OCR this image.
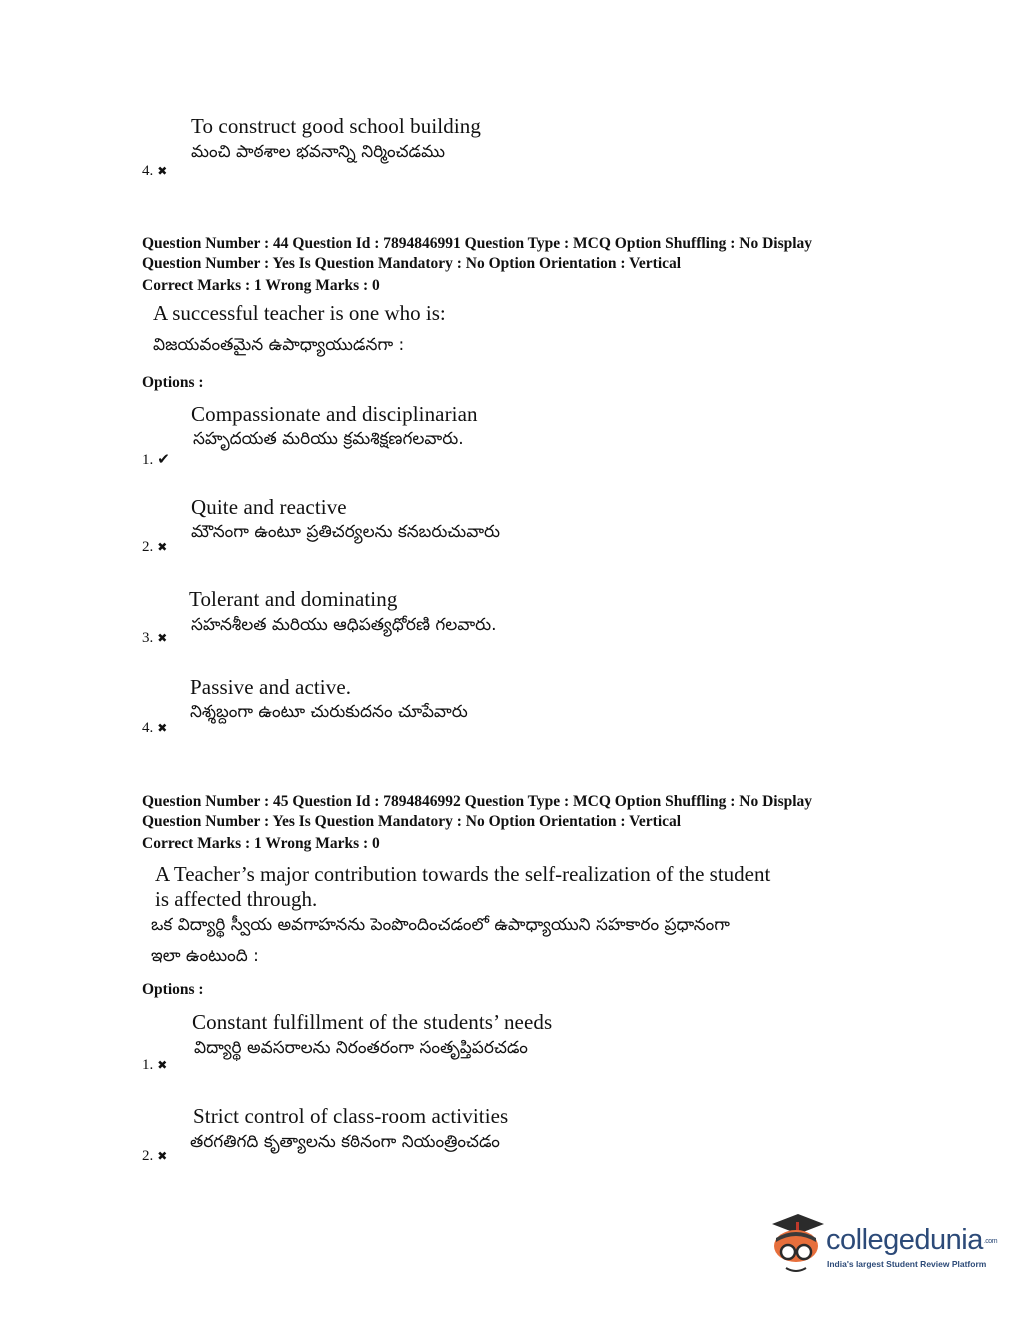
To construct good school building
మంచి పాఠశాల భవనాన్ని నిర్మించడము
4. ✖
Question Number : 44 Question Id : 7894846991 Question Type : MCQ Option Shuffling : No Display
Question Number : Yes Is Question Mandatory : No Option Orientation : Vertical
Correct Marks : 1 Wrong Marks : 0
A successful teacher is one who is:
విజయవంతమైన ఉపాధ్యాయుడనగా :
Options :
Compassionate and disciplinarian
సహృదయత మరియు క్రమశిక్షణగలవారు.
1. ✔
Quite and reactive
మౌనంగా ఉంటూ ప్రతిచర్యలను కనబరుచువారు
2. ✖
Tolerant and dominating
సహనశీలత మరియు ఆధిపత్యధోరణి గలవారు.
3. ✖
Passive and active.
నిశ్శబ్దంగా ఉంటూ చురుకుదనం చూపేవారు
4. ✖
Question Number : 45 Question Id : 7894846992 Question Type : MCQ Option Shuffling : No Display
Question Number : Yes Is Question Mandatory : No Option Orientation : Vertical
Correct Marks : 1 Wrong Marks : 0
A Teacher’s major contribution towards the self-realization of the student
is affected through.
ఒక విద్యార్థి స్వీయ అవగాహనను పెంపొందించడంలో ఉపాధ్యాయుని సహకారం ప్రధానంగా
ఇలా ఉంటుంది :
Options :
Constant fulfillment of the students’ needs
విద్యార్థి అవసరాలను నిరంతరంగా సంతృప్తిపరచడం
1. ✖
Strict control of class-room activities
తరగతిగది కృత్యాలను కఠినంగా నియంత్రించడం
2. ✖
collegedunia.com
India's largest Student Review Platform
